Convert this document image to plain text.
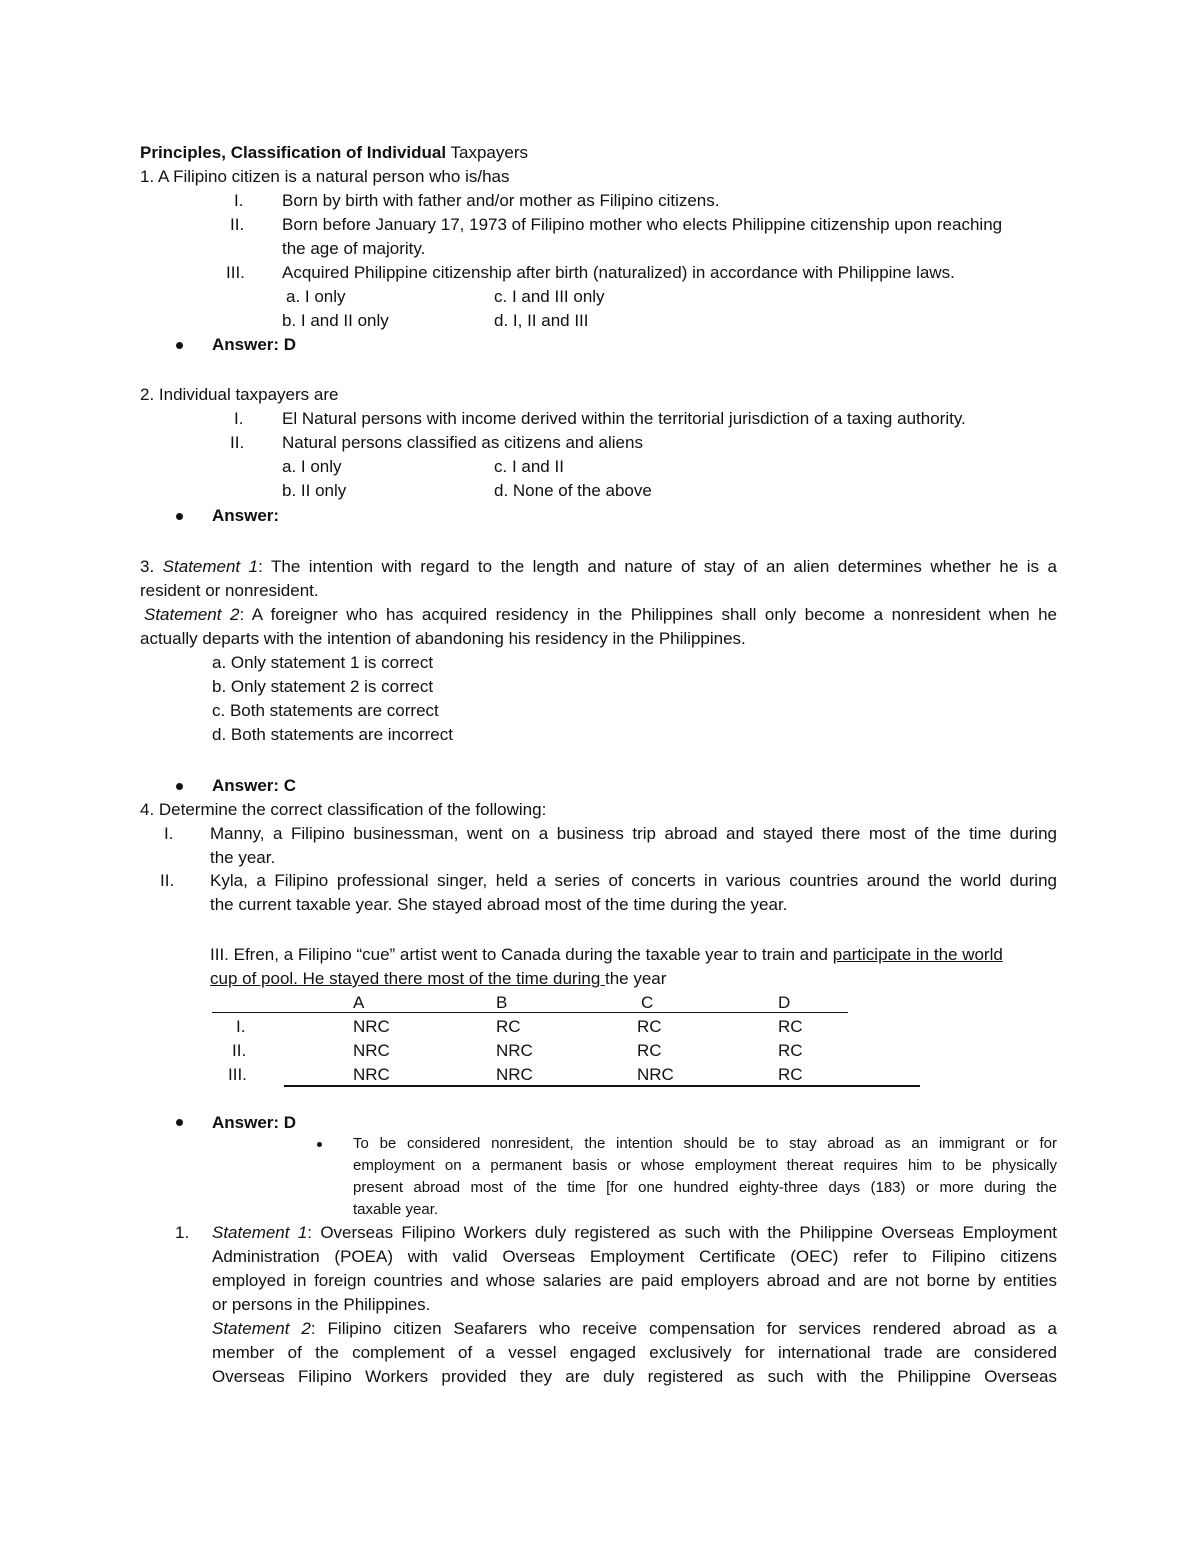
Principles, Classification of Individual Taxpayers
1. A Filipino citizen is a natural person who is/has
I. Born by birth with father and/or mother as Filipino citizens.
II. Born before January 17, 1973 of Filipino mother who elects Philippine citizenship upon reaching
the age of majority.
III. Acquired Philippine citizenship after birth (naturalized) in accordance with Philippine laws.
a. I only	c. I and III only
b. I and II only	d. I, II and III
Answer: D
2. Individual taxpayers are
I. El Natural persons with income derived within the territorial jurisdiction of a taxing authority.
II. Natural persons classified as citizens and aliens
a. I only	c. I and II
b. II only	d. None of the above
Answer:
3. Statement 1: The intention with regard to the length and nature of stay of an alien determines whether he is a
resident or nonresident.
Statement 2: A foreigner who has acquired residency in the Philippines shall only become a nonresident when he
actually departs with the intention of abandoning his residency in the Philippines.
a. Only statement 1 is correct
b. Only statement 2 is correct
c. Both statements are correct
d. Both statements are incorrect
Answer: C
4. Determine the correct classification of the following:
I. Manny, a Filipino businessman, went on a business trip abroad and stayed there most of the time during
the year.
II. Kyla, a Filipino professional singer, held a series of concerts in various countries around the world during
the current taxable year. She stayed abroad most of the time during the year.
III. Efren, a Filipino “cue” artist went to Canada during the taxable year to train and participate in the world
cup of pool. He stayed there most of the time during the year
A	B	C	D
I.	NRC	RC	RC	RC
II.	NRC	NRC	RC	RC
III.	NRC	NRC	NRC	RC
Answer: D
To be considered nonresident, the intention should be to stay abroad as an immigrant or for
employment on a permanent basis or whose employment thereat requires him to be physically
present abroad most of the time [for one hundred eighty-three days (183) or more during the
taxable year.
1. Statement 1: Overseas Filipino Workers duly registered as such with the Philippine Overseas Employment
Administration (POEA) with valid Overseas Employment Certificate (OEC) refer to Filipino citizens
employed in foreign countries and whose salaries are paid employers abroad and are not borne by entities
or persons in the Philippines.
Statement 2: Filipino citizen Seafarers who receive compensation for services rendered abroad as a
member of the complement of a vessel engaged exclusively for international trade are considered
Overseas Filipino Workers provided they are duly registered as such with the Philippine Overseas
